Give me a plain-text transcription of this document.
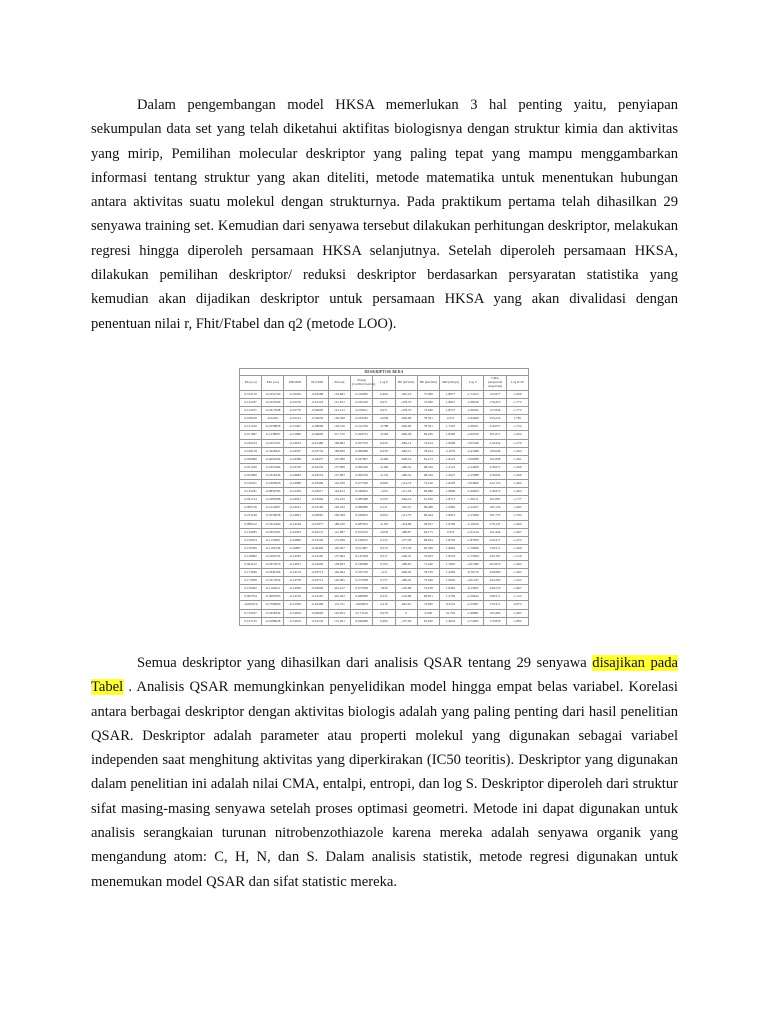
Dalam pengembangan model HKSA memerlukan 3 hal penting yaitu, penyiapan sekumpulan data set yang telah diketahui aktifitas biologisnya dengan struktur kimia dan aktivitas yang mirip, Pemilihan molecular deskriptor yang paling tepat yang mampu menggambarkan informasi tentang struktur yang akan diteliti, metode matematika untuk menentukan hubungan antara aktivitas suatu molekul dengan strukturnya. Pada praktikum pertama telah dihasilkan 29 senyawa training set. Kemudian dari senyawa tersebut dilakukan perhitungan deskriptor, melakukan regresi hingga diperoleh persamaan HKSA selanjutnya. Setelah diperoleh persamaan HKSA, dilakukan pemilihan deskriptor/ reduksi deskriptor berdasarkan persyaratan statistika yang kemudian akan dijadikan deskriptor untuk persamaan HKSA yang akan divalidasi dengan penentuan nilai r, Fhit/Ftabel dan q2 (metode LOO).

DESKRIPTOR BEDA
Ehs (e.u)	Eint (e.u)	EHOMO	ELUMO	Entropi	Energi (Cal/Mol·Kelvin)	Log P	HF (kJ/mol)	HE (kal/mol)	MD (Debye)	Log S	CMA (Angstrom Angstrom)	Log IC50
0,722170	-0,1052700	-0,16226	-0,01088	154,665	0,218085	0,469	-967,19	75,098	1,8877	-1,72223	125,977	-1,656
0,122187	-0,1055509	-0,22276	-0,01219	141,072	0,232520	0,071	-478,55	72,090	1,8647	-2,38236	178,455	-1,772
0,122071	-0,1817848	-0,22779	-0,06093	141,141	0,233011	0,071	-478,55	73,090	1,8557	-2,36345	157,846	-1,772
0,168018	-0,24181	-0,22213	-0,30059	150,598	0,234782	-0,058	-646,08	78,591	2,072	-2,42460	253,216	1,785
0,121616	-0,2558858	-0,15467	-0,08099	156,516	0,212760	-0,788	-646,06	78,591	1,7455	-2,36051	216,057	-1,754
0,101897	-0,1238097	-0,15866	-0,06693	317,570	0,204755	-0,564	-846,28	84,295	1,8406	-2,60166	301,817	-1,654
0,249163	-0,2251501	-0,14034	-0,01480	166,862	0,057703	0,220	-684,14	74,614	1,9908	-2,05549	210,454	-1,270
0,018118	-0,3428421	-0,24567	-0,05752	168,859	0,060689	0,258	-682,15	78,914	2,1079	-2,41088	199,640	-1,263
0,049990	-0,4094284	-0,24368	-0,06457	107,090	0,047697	-0,490	-828,19	81,273	1,8219	-2,00088	191,898	-1,361
0,051190	-0,1952464	-0,23726	-0,02232	137,969	0,062240	-0,160	-480,52	68,329	1,2122	-2,14269	218,671	-1,269
0,052090	-0,1818244	-0,24684	-0,02519	137,067	0,062559	-0,133	-480,52	68,329	1,2615	-2,15088	218,842	-1,269
0,576181	-0,1995820	-0,14088	-0,03499	144,766	0,077500	0,066	-514,74	73,190	1,6478	-2,04009	222,153	-1,464
0,145181	-0,0839782	-0,12479	-0,03617	144,613	0,246825	1,104	-211,18	83,080	1,9896	-1,69493	218,972	-1,463
0,041714	-0,1685688	-0,24591	-0,01664	155,195	0,085288	0,793	-664,16	91,036	1,8713	-1,30111	161,881	-1,717
0,069716	-0,2114907	-0,14221	-0,01169	126,182	0,068680	0,121	-395,47	69,468	1,2982	-2,12927	185,156	-1,695
0,473148	-0,3556058	-0,14091	-0,00081	196,508	0,049855	0,094	-513,79	69,444	1,6813	-2,13280	181,755	-1,763
0,088412	-0,3312460	-0,14146	-0,01877	180,220	0,087652	-0,187	-454,08	58,057	1,6709	-2,10616	178,147	-1,604
0,134285	-0,1825581	-0,22203	-0,02272	141,087	0,015225	-0,032	-488,87	64,175	2,074	-2,21410	191,444	-1,667
0,128074	-0,1155891	-0,22896	-0,01549	151,299	0,108015	0,125	-277,28	69,654	1,8762	-1,87009	220,417	-1,472
0,130569	-0,1160139	-0,16807	-0,00404	162,567	0,011067	0,579	-377,58	65,569	1,6662	-1,76846	159,511	-1,309
0,148982	-0,2209741	-0,14185	-0,01295	157,964	0,147028	0,517	-290,41	70,923	1,8334	-1,75994	239,181	-1,516
0,504122	-0,1815670	-0,14031	-0,01693	158,823	0,160086	0,793	-286,65	71,440	1,7695	-2,01386	204,970	-1,493
0,173949	-0,1849184	-0,14110	-0,03713	164,494	0,225726	1,211	-660,94	78,199	1,4286	-0,70176	249,989	-1,395
0,173958	-0,3317842	-0,14758	-0,02712	120,495	0,275958	0,757	-280,42	73,449	1,6620	-2,01247	245,293	-1,525
0,150492	-0,1109411	-0,14590	-0,03604	201,417	0,073508	1,820	-195,98	74,258	1,8462	-0,13947	249,570	-1,807
0,065794	-0,3065585	-0,14126	-0,01281	201,262	0,080969	0,245	-516,86	66,851	1,2709	-2,58442	228,511	-1,153
-0,083519	-0,3704890	-0,15500	-0,02406	151,511	-0,080031	2,216	-842,61	73,000	6,3152	-2,53067	178,311	-0,972
0,719197	-0,3338434	-0,14659	-0,00693	145,053	0,171140	0,978	0	0,000	61,792	-1,68981	163,484	-1,665
0,147125	-0,1088628	-0,14616	-0,01233	151,291	0,046089	0,482	-197,94	81,020	1,4634	-2,74495	170,850	-1,892

Semua deskriptor yang dihasilkan dari analisis QSAR tentang 29 senyawa disajikan pada Tabel . Analisis QSAR memungkinkan penyelidikan model hingga empat belas variabel. Korelasi antara berbagai deskriptor dengan aktivitas biologis adalah yang paling penting dari hasil penelitian QSAR. Deskriptor adalah parameter atau properti molekul yang digunakan sebagai variabel independen saat menghitung aktivitas yang diperkirakan (IC50 teoritis). Deskriptor yang digunakan dalam penelitian ini adalah nilai CMA, entalpi, entropi, dan log S. Deskriptor diperoleh dari struktur sifat masing-masing senyawa setelah proses optimasi geometri. Metode ini dapat digunakan untuk analisis serangkaian turunan nitrobenzothiazole karena mereka adalah senyawa organik yang mengandung atom: C, H, N, dan S. Dalam analisis statistik, metode regresi digunakan untuk menemukan model QSAR dan sifat statistic mereka.
